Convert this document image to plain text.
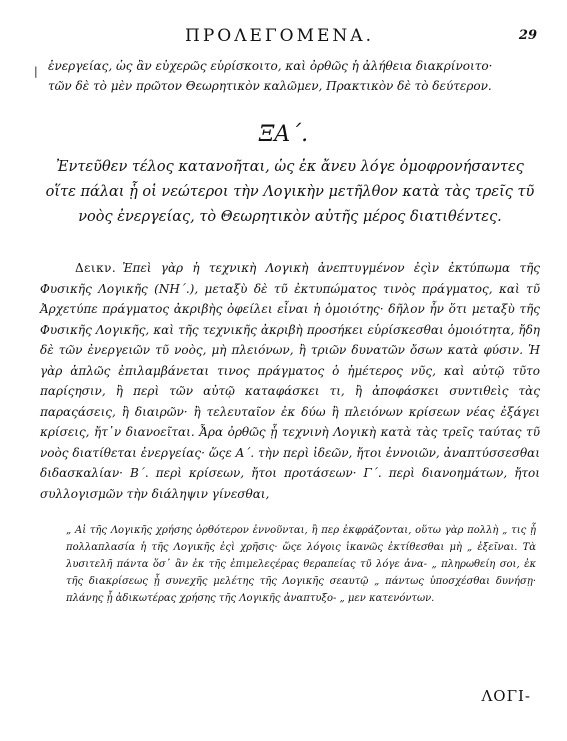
ΠΡΟΛΕΓΟΜΕΝΑ.	29
| ἐνεργείας, ὡς ἂν εὐχερῶς εὑρίσκοιτο, καὶ ὀρθῶς ἡ ἀλήθεια διακρίνοιτο· τῶν δὲ τὸ μὲν πρῶτον Θεωρητικὸν καλῶμεν, Πρακτικὸν δὲ τὸ δεύτερον.
ΞΑ΄.
Ἐντεῦθεν τέλος κατανοῆται, ὡς ἐκ ἄνευ λόγε ὁμοφρονήσαντες οἵτε πάλαι ᾗ οἱ νεώτεροι τὴν Λογικὴν μετῆλθον κατὰ τὰς τρεῖς τῦ νοὸς ἐνεργείας, τὸ Θεωρητικὸν αὐτῆς μέρος διατιθέντες.

Δεικν. Ἐπεὶ γὰρ ἡ τεχνικὴ Λογικὴ ἀνεπτυγμένον ἐςὶν ἐκτύπωμα τῆς Φυσικῆς Λογικῆς (ΝΗ΄.), μεταξὺ δὲ τῦ ἐκτυπώματος τινὸς πράγματος, καὶ τῦ Ἀρχετύπε πράγματος ἀκριβὴς ὀφείλει εἶναι ἡ ὁμοιότης· δῆλον ἦν ὅτι μεταξὺ τῆς Φυσικῆς Λογικῆς, καὶ τῆς τεχνικῆς ἀκριβὴ προσήκει εὑρίσκεσθαι ὁμοιότητα, ἤδη δὲ τῶν ἐνεργειῶν τῦ νοὸς, μὴ πλειόνων, ἢ τριῶν δυνατῶν ὄσων κατὰ φύσιν. Ἡ γὰρ ἁπλῶς ἐπιλαμβάνεται τινος πράγματος ὁ ἡμέτερος νῦς, καὶ αὐτῷ τῦτο παρίςησιν, ἢ περὶ τῶν αὐτῷ καταφάσκει τι, ἢ ἀποφάσκει συντιθεὶς τὰς παραςάσεις, ἢ διαιρῶν· ἢ τελευταῖον ἐκ δύω ἢ πλειόνων κρίσεων νέας ἐξάγει κρίσεις, ἤτ᾿ν διανοεῖται. Ἆρα ὀρθῶς ᾗ τεχνινὴ Λογικὴ κατὰ τὰς τρεῖς ταύτας τῦ νοὸς διατίθεται ἐνεργείας· ὥςε Α΄. τὴν περὶ ἰδεῶν, ἤτοι ἐννοιῶν, ἀναπτύσσεσθαι διδασκαλίαν· Β΄. περὶ κρίσεων, ἤτοι προτάσεων· Γ΄. περὶ διανοημάτων, ἤτοι συλλογισμῶν τὴν διάληψιν γίνεσθαι,

„ Αἱ τῆς Λογικῆς χρήσης ὀρθότερον ἐννοῦνται, ἢ περ ἐκφράζονται, οὕτω γὰρ πολλὴ „ τις ᾗ πολλαπλασία ἡ τῆς Λογικῆς ἐςὶ χρῆσις· ὥςε λόγοις ἱκανῶς ἐκτίθεσθαι μὴ „ ἐξεῖναι. Τὰ λυσιτελῆ πάντα ὅσ᾿ ἂν ἐκ τῆς ἐπιμελεςέρας θεραπείας τῦ λόγε ἀνα- „ πληρωθείη σοι, ἐκ τῆς διακρίσεως ᾗ συνεχῆς μελέτης τῆς Λογικῆς σεαυτῷ „ πάντως ὑποσχέσθαι δυνήσῃ· πλάνης ᾗ ἀδικωτέρας χρήσης τῆς Λογικῆς ἀναπτυξο- „ μεν κατενόντων.

ΛΟΓΙ-
